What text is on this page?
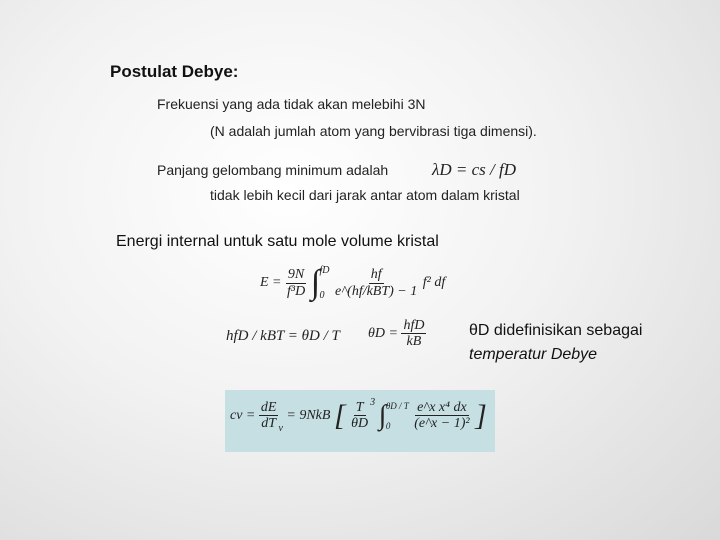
Postulat Debye:
Frekuensi yang ada tidak akan melebihi 3N
(N adalah jumlah atom yang bervibrasi tiga dimensi).
Panjang gelombang minimum adalah	λD = cs / fD
tidak lebih kecil dari jarak antar atom dalam kristal
Energi internal untuk satu mole volume kristal
$E = \frac{9N}{\text{f³D}}$ ∫ fD
0
$\frac{hf}{\text{e\textasciicircum{}(hf/kBT) − 1}} f^2$ df
hfD / kBT = θD / T $\theta D = \frac{\text{hfD}}{kB}$	θD didefinisikan sebagai
temperatur Debye
cv = $\frac{dE}{dT} _v = 9NkB$ [ $\frac{T}{\theta D} ^3$ ∫ θD / T
0
	$\frac{\text{e\textasciicircum{}x x⁴ dx}}{\text{(e\textasciicircum{}x − 1)²}}$ ]
